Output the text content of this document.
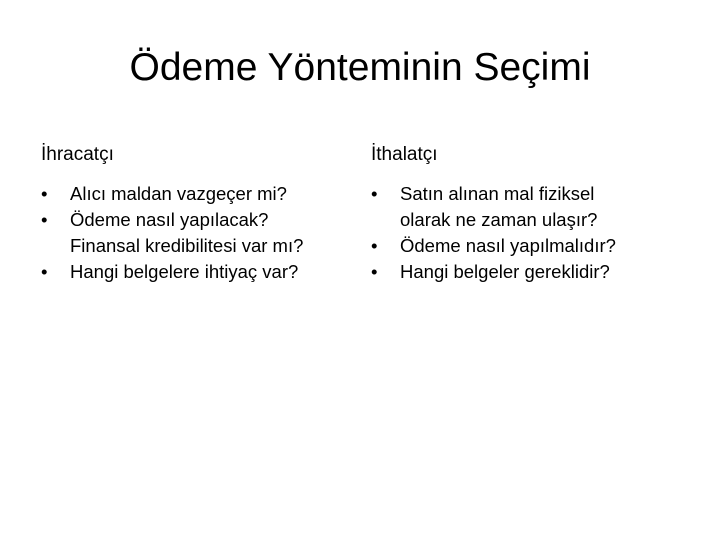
Ödeme Yönteminin Seçimi
İhracatçı
•	Alıcı maldan vazgeçer mi?
•	Ödeme nasıl yapılacak?
Finansal kredibilitesi var mı?
•	Hangi belgelere ihtiyaç var?
İthalatçı
•	Satın alınan mal fiziksel
olarak ne zaman ulaşır?
•	Ödeme nasıl yapılmalıdır?
•	Hangi belgeler gereklidir?
